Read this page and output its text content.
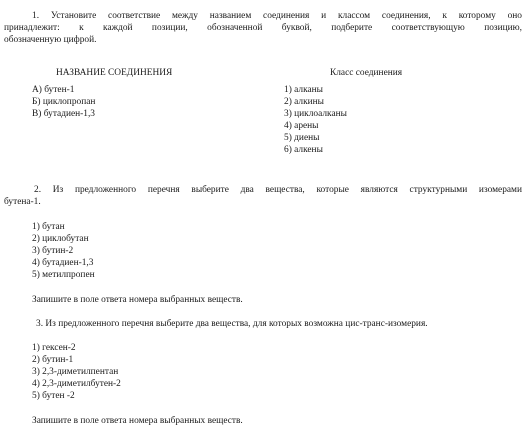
1. Установите соответствие между названием соединения и классом соединения, к которому оно
принадлежит: к каждой позиции, обозначенной буквой, подберите соответствующую позицию,
обозначенную цифрой.
НАЗВАНИЕ СОЕДИНЕНИЯ	Класс соединения
А) бутен-1
Б) циклопропан
В) бутадиен-1,3
1) алканы
2) алкины
3) циклоалканы
4) арены
5) диены
6) алкены
2. Из предложенного перечня выберите два вещества, которые являются структурными изомерами
бутена-1.
1) бутан
2) циклобутан
3) бутин-2
4) бутадиен-1,3
5) метилпропен
Запишите в поле ответа номера выбранных веществ.
3. Из предложенного перечня выберите два вещества, для которых возможна цис-транс-изомерия.
1) гексен-2
2) бутин-1
3) 2,3-диметилпентан
4) 2,3-диметилбутен-2
5) бутен -2
Запишите в поле ответа номера выбранных веществ.
